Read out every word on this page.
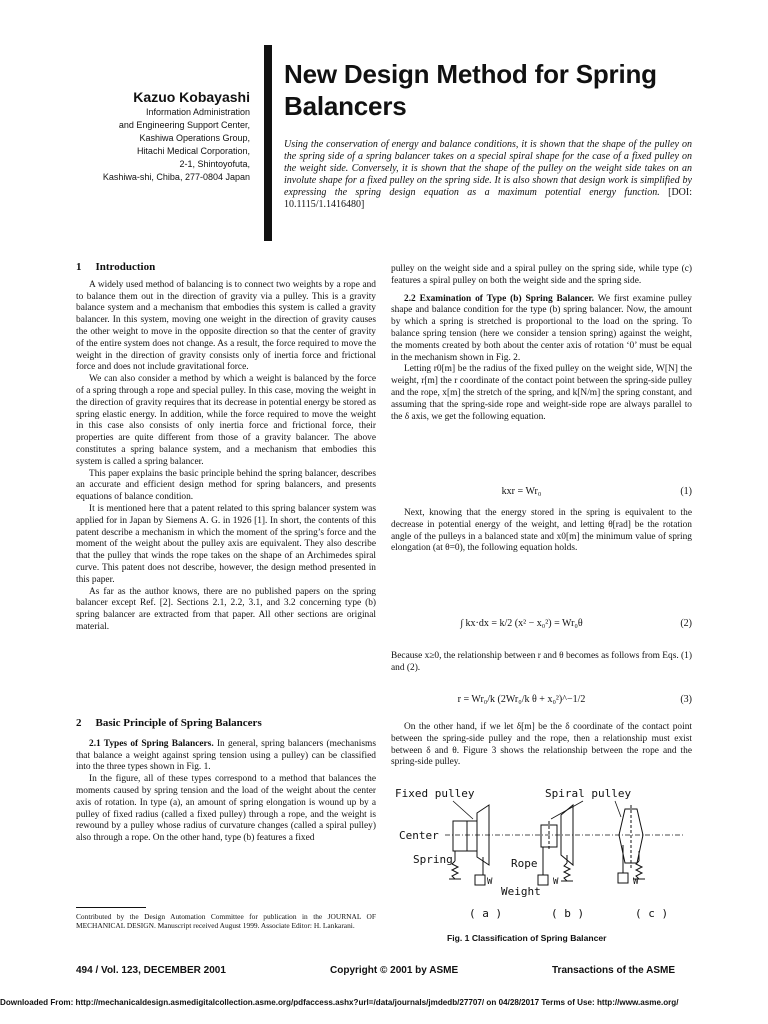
New Design Method for Spring Balancers
Kazuo Kobayashi
Information Administration
and Engineering Support Center,
Kashiwa Operations Group,
Hitachi Medical Corporation,
2-1, Shintoyofuta,
Kashiwa-shi, Chiba, 277-0804 Japan
Using the conservation of energy and balance conditions, it is shown that the shape of the pulley on the spring side of a spring balancer takes on a special spiral shape for the case of a fixed pulley on the weight side. Conversely, it is shown that the shape of the pulley on the weight side takes on an involute shape for a fixed pulley on the spring side. It is also shown that design work is simplified by expressing the spring design equation as a maximum potential energy function. [DOI: 10.1115/1.1416480]
1 Introduction

A widely used method of balancing is to connect two weights by a rope and to balance them out in the direction of gravity via a pulley. This is a gravity balance system and a mechanism that embodies this system is called a gravity balancer. In this system, moving one weight in the direction of gravity causes the other weight to move in the opposite direction so that the center of gravity of the entire system does not change. As a result, the force required to move the weight in the direction of gravity consists only of inertia force and frictional force and does not include gravitational force.

We can also consider a method by which a weight is balanced by the force of a spring through a rope and special pulley. In this case, moving the weight in the direction of gravity requires that its decrease in potential energy be stored as spring elastic energy. In addition, while the force required to move the weight in this case also consists of only inertia force and frictional force, their properties are quite different from those of a gravity balancer. The above constitutes a spring balance system, and a mechanism that embodies this system is called a spring balancer.

This paper explains the basic principle behind the spring balancer, describes an accurate and efficient design method for spring balancers, and presents equations of balance condition.

It is mentioned here that a patent related to this spring balancer system was applied for in Japan by Siemens A. G. in 1926 [1]. In short, the contents of this patent describe a mechanism in which the moment of the spring’s force and the moment of the weight about the pulley axis are equivalent. They also describe that the pulley that winds the rope takes on the shape of an Archimedes spiral curve. This patent does not describe, however, the design method presented in this paper.

As far as the author knows, there are no published papers on the spring balancer except Ref. [2]. Sections 2.1, 2.2, 3.1, and 3.2 concerning type (b) spring balancer are extracted from that paper. All other sections are original material.

2 Basic Principle of Spring Balancers

2.1 Types of Spring Balancers. In general, spring balancers (mechanisms that balance a weight against spring tension using a pulley) can be classified into the three types shown in Fig. 1.

In the figure, all of these types correspond to a method that balances the moments caused by spring tension and the load of the weight about the center axis of rotation. In type (a), an amount of spring elongation is wound up by a pulley of fixed radius (called a fixed pulley) through a rope, and the weight is rewound by a pulley whose radius of curvature changes (called a spiral pulley) also through a rope. On the other hand, type (b) features a fixed

Contributed by the Design Automation Committee for publication in the JOURNAL OF MECHANICAL DESIGN. Manuscript received August 1999. Associate Editor: H. Lankarani.

pulley on the weight side and a spiral pulley on the spring side, while type (c) features a spiral pulley on both the weight side and the spring side.

2.2 Examination of Type (b) Spring Balancer. We first examine pulley shape and balance condition for the type (b) spring balancer. Now, the amount by which a spring is stretched is proportional to the load on the spring. To balance spring tension (here we consider a tension spring) against the weight, the moments created by both about the center axis of rotation ‘0’ must be equal in the mechanism shown in Fig. 2.

Letting r0[m] be the radius of the fixed pulley on the weight side, W[N] the weight, r[m] the r coordinate of the contact point between the spring-side pulley and the rope, x[m] the stretch of the spring, and k[N/m] the spring constant, and assuming that the spring-side rope and weight-side rope are always parallel to the δ axis, we get the following equation.

kxr = Wr₀	(1)

Next, knowing that the energy stored in the spring is equivalent to the decrease in potential energy of the weight, and letting θ[rad] be the rotation angle of the pulleys in a balanced state and x0[m] the minimum value of spring elongation (at θ=0), the following equation holds.

∫ kx·dx = k/2 (x² − x₀²) = Wr₀θ	(2)

Because x≥0, the relationship between r and θ becomes as follows from Eqs. (1) and (2).

r = Wr₀/k (2Wr₀/k θ + x₀²)^−1/2	(3)

On the other hand, if we let δ[m] be the δ coordinate of the contact point between the spring-side pulley and the rope, then a relationship must exist between δ and θ. Figure 3 shows the relationship between the rope and the spring-side pulley.

Fixed pulley	Spiral pulley
Center
Spring	Rope
Weight
W	W	W
( a )	( b )	( c )
Fig. 1 Classification of Spring Balancer
494 / Vol. 123, DECEMBER 2001	Copyright © 2001 by ASME	Transactions of the ASME
Downloaded From: http://mechanicaldesign.asmedigitalcollection.asme.org/pdfaccess.ashx?url=/data/journals/jmdedb/27707/ on 04/28/2017 Terms of Use: http://www.asme.org/
